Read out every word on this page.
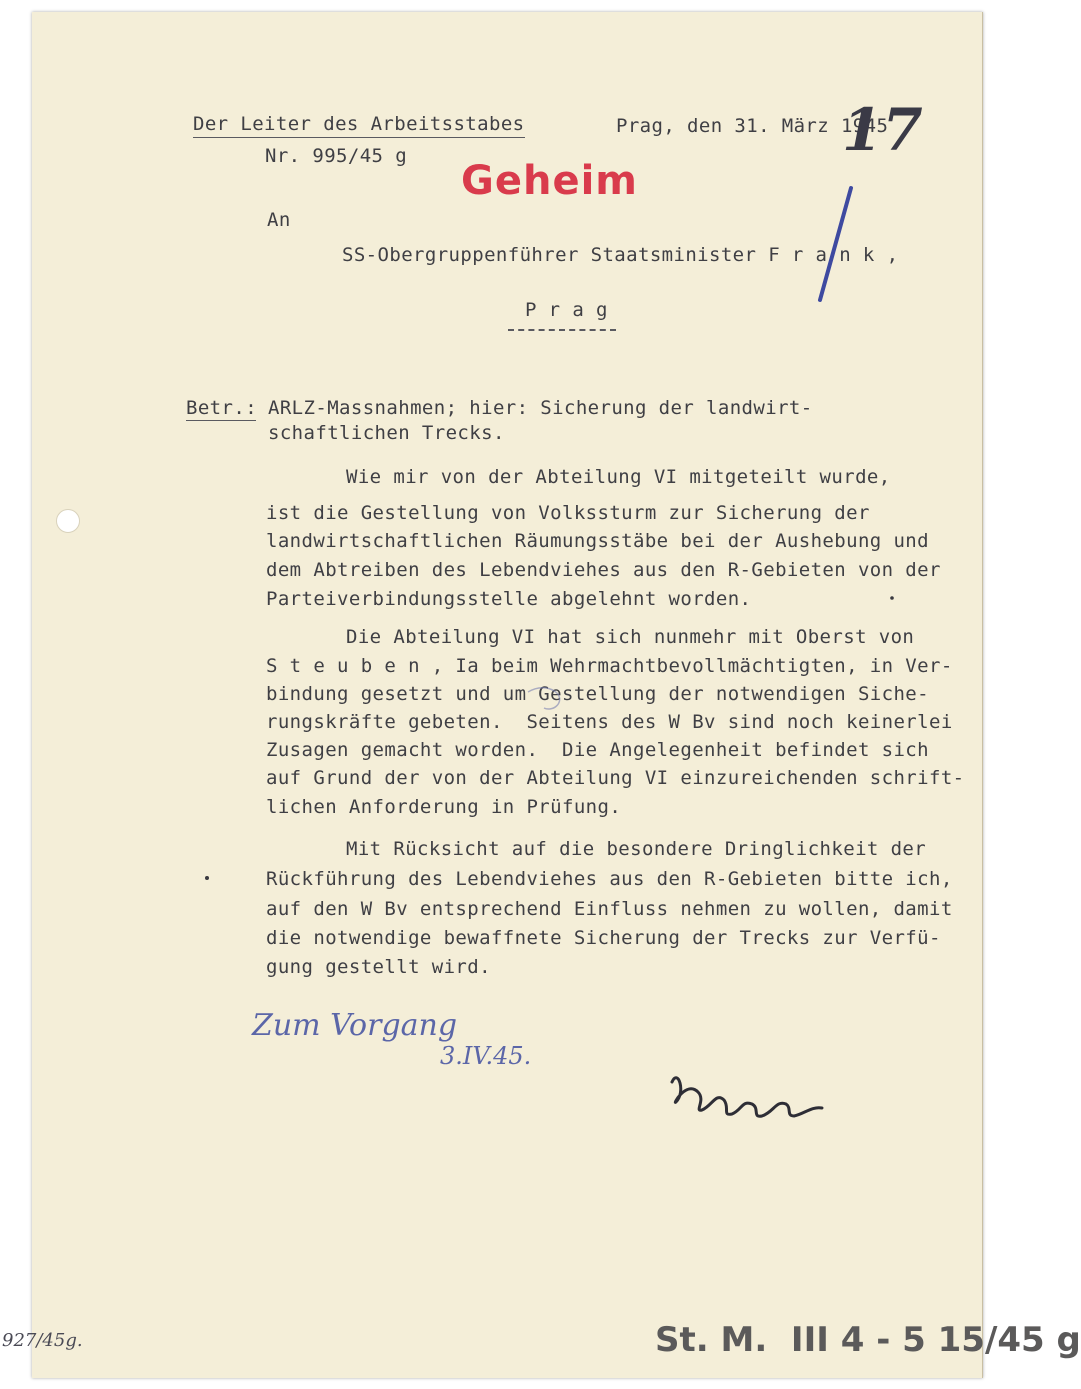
Der Leiter des Arbeitsstabes
Nr. 995/45 g
Prag, den 31. März 1945
Geheim
An
SS-Obergruppenführer Staatsminister F r a n k ,
P r a g
Betr.: ARLZ-Massnahmen; hier: Sicherung der landwirt-
schaftlichen Trecks.
Wie mir von der Abteilung VI mitgeteilt wurde,
ist die Gestellung von Volkssturm zur Sicherung der
landwirtschaftlichen Räumungsstäbe bei der Aushebung und
dem Abtreiben des Lebendviehes aus den R-Gebieten von der
Parteiverbindungsstelle abgelehnt worden.
Die Abteilung VI hat sich nunmehr mit Oberst von
S t e u b e n , Ia beim Wehrmachtbevollmächtigten, in Ver-
bindung gesetzt und um Gestellung der notwendigen Siche-
rungskräfte gebeten.  Seitens des W Bv sind noch keinerlei
Zusagen gemacht worden.  Die Angelegenheit befindet sich
auf Grund der von der Abteilung VI einzureichenden schrift-
lichen Anforderung in Prüfung.
Mit Rücksicht auf die besondere Dringlichkeit der
Rückführung des Lebendviehes aus den R-Gebieten bitte ich,
auf den W Bv entsprechend Einfluss nehmen zu wollen, damit
die notwendige bewaffnete Sicherung der Trecks zur Verfü-
gung gestellt wird.
17
Zum Vorgang
3.IV.45.
927/45g.	St. M.  III 4 - 5 15/45 g
